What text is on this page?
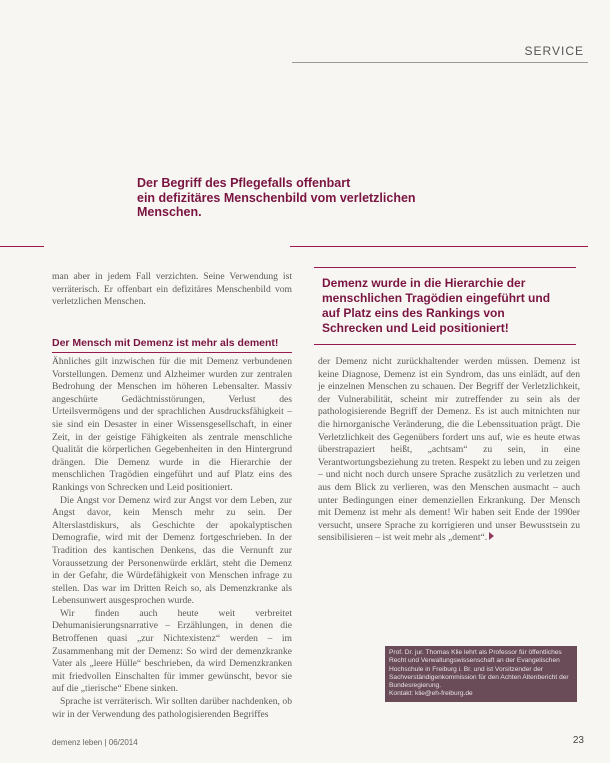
SERVICE
Der Begriff des Pflegefalls offenbart
ein defizitäres Menschenbild vom verletzlichen
Menschen.

man aber in jedem Fall verzichten. Seine Verwendung ist verräterisch. Er offenbart ein defizitäres Menschenbild vom verletzlichen Menschen.

Demenz wurde in die Hierarchie der
menschlichen Tragödien eingeführt und
auf Platz eins des Rankings von
Schrecken und Leid positioniert!
Der Mensch mit Demenz ist mehr als dement!

Ähnliches gilt inzwischen für die mit Demenz verbundenen Vorstellungen. Demenz und Alzheimer wurden zur zentralen Bedrohung der Menschen im höheren Lebensalter. Massiv angeschürte Gedächtnisstörungen, Verlust des Urteilsvermögens und der sprachlichen Ausdrucksfähigkeit – sie sind ein Desaster in einer Wissensgesellschaft, in einer Zeit, in der geistige Fähigkeiten als zentrale menschliche Qualität die körperlichen Gegebenheiten in den Hintergrund drängen. Die Demenz wurde in die Hierarchie der menschlichen Tragödien eingeführt und auf Platz eins des Rankings von Schrecken und Leid positioniert.

Die Angst vor Demenz wird zur Angst vor dem Leben, zur Angst davor, kein Mensch mehr zu sein. Der Alterslastdiskurs, als Geschichte der apokalyptischen Demografie, wird mit der Demenz fortgeschrieben. In der Tradition des kantischen Denkens, das die Vernunft zur Voraussetzung der Personenwürde erklärt, steht die Demenz in der Gefahr, die Würdefähigkeit von Menschen infrage zu stellen. Das war im Dritten Reich so, als Demenzkranke als Lebensunwert ausgesprochen wurde.

Wir finden auch heute weit verbreitet Dehumanisierungsnarrative – Erzählungen, in denen die Betroffenen quasi „zur Nichtexistenz“ werden – im Zusammenhang mit der Demenz: So wird der demenzkranke Vater als „leere Hülle“ beschrieben, da wird Demenzkranken mit friedvollen Einschalten für immer gewünscht, bevor sie auf die „tierische“ Ebene sinken.

Sprache ist verräterisch. Wir sollten darüber nachdenken, ob wir in der Verwendung des pathologisierenden Begriffes

der Demenz nicht zurückhaltender werden müssen. Demenz ist keine Diagnose, Demenz ist ein Syndrom, das uns einlädt, auf den je einzelnen Menschen zu schauen. Der Begriff der Verletzlichkeit, der Vulnerabilität, scheint mir zutreffender zu sein als der pathologisierende Begriff der Demenz. Es ist auch mitnichten nur die hirnorganische Veränderung, die die Lebenssituation prägt. Die Verletzlichkeit des Gegenübers fordert uns auf, wie es heute etwas überstrapaziert heißt, „achtsam“ zu sein, in eine Verantwortungsbeziehung zu treten. Respekt zu leben und zu zeigen – und nicht noch durch unsere Sprache zusätzlich zu verletzen und aus dem Blick zu verlieren, was den Menschen ausmacht – auch unter Bedingungen einer demenziellen Erkrankung. Der Mensch mit Demenz ist mehr als dement! Wir haben seit Ende der 1990er versucht, unsere Sprache zu korrigieren und unser Bewusstsein zu sensibilisieren – ist weit mehr als „dement“.

Prof. Dr. jur. Thomas Klie lehrt als Professor für öffentliches Recht und Verwaltungswissenschaft an der Evangelischen Hochschule in Freiburg i. Br. und ist Vorsitzender der Sachverständigenkommission für den Achten Altenbericht der Bundesregierung.
Kontakt: klie@eh-freiburg.de
demenz leben | 06/2014	23
